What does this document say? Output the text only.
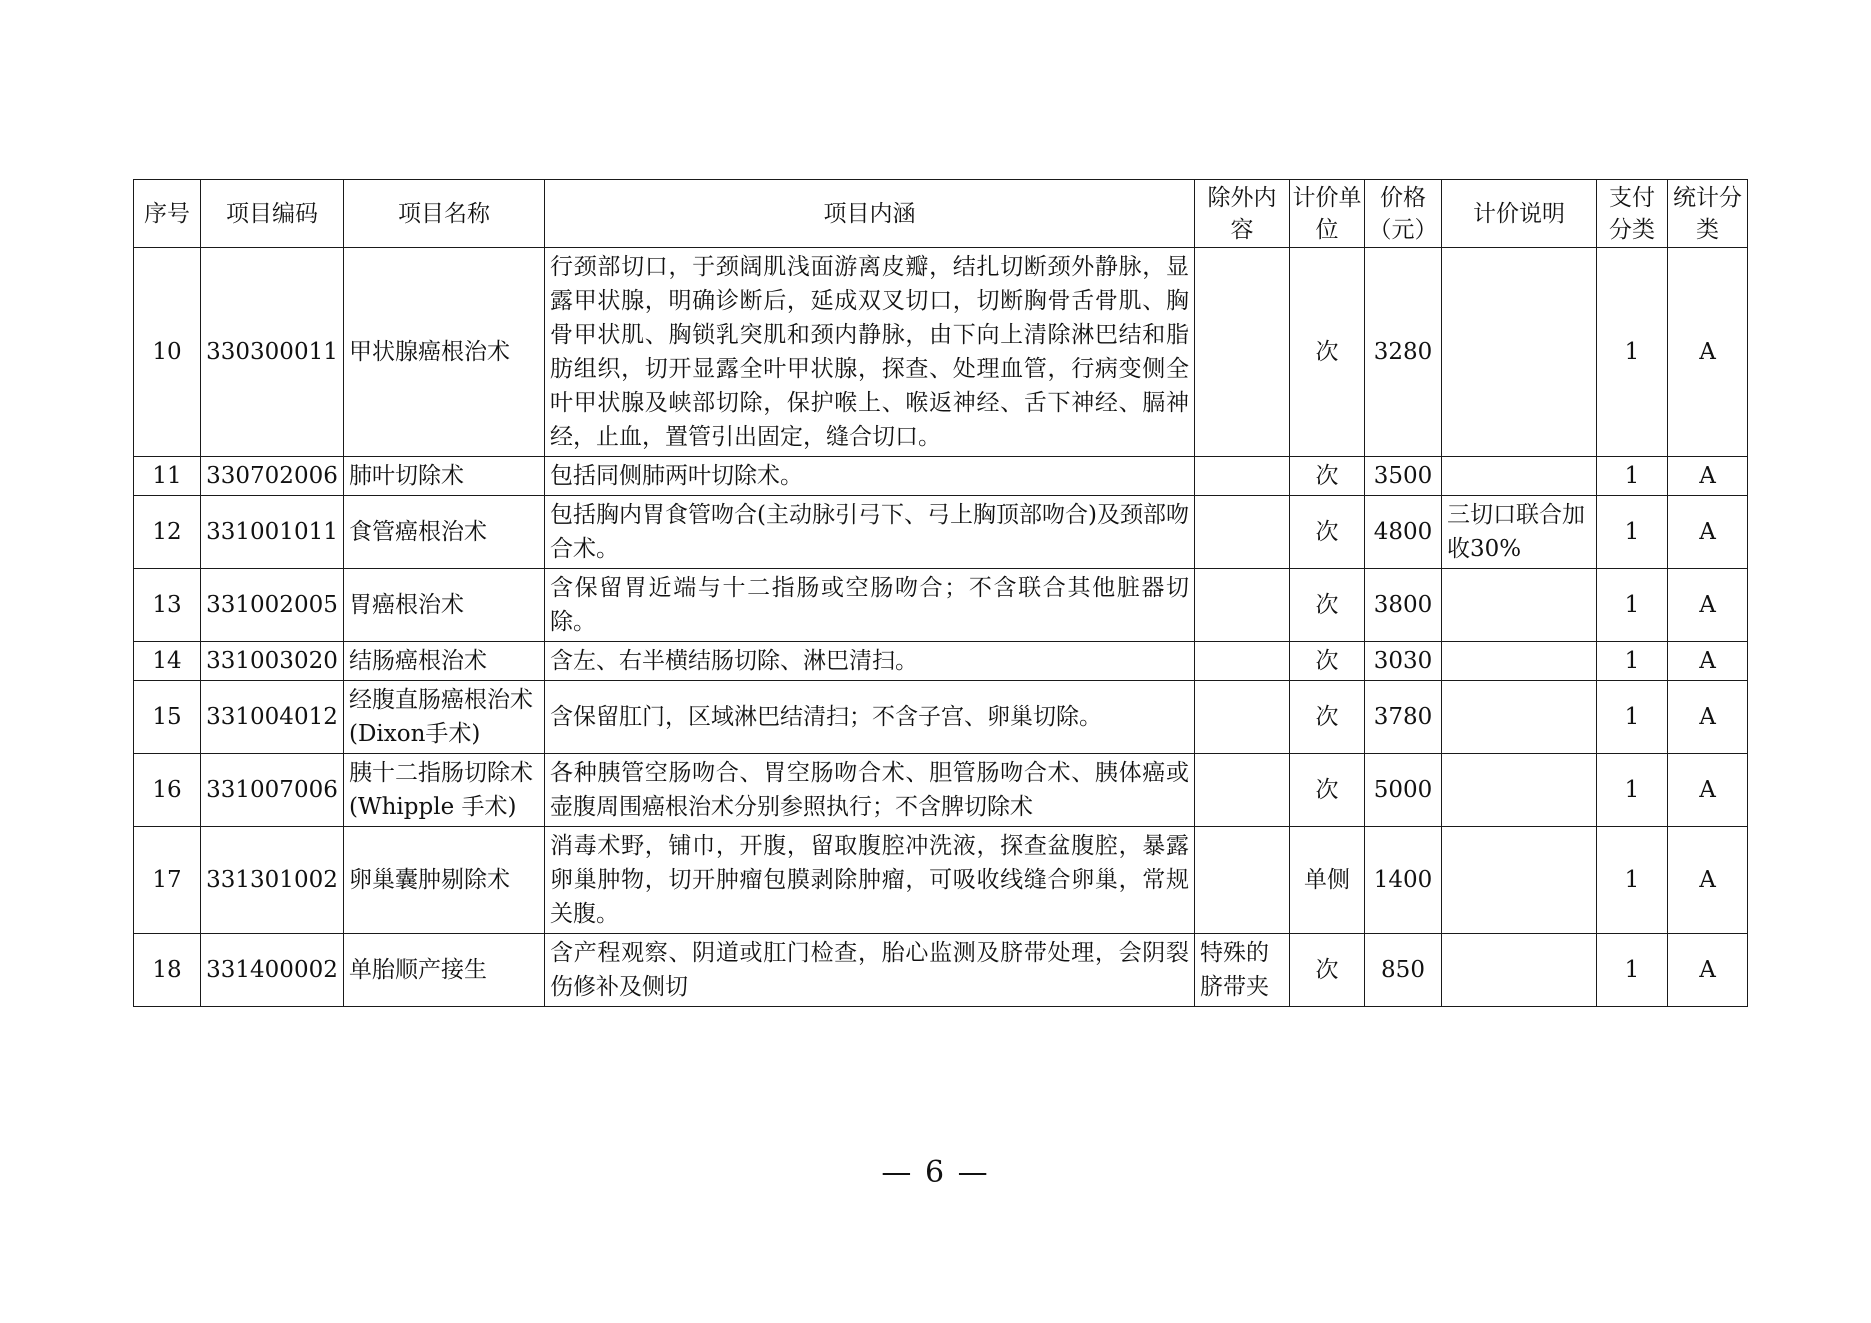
序号	项目编码	项目名称	项目内涵	除外内容	计价单位	价格（元）	计价说明	支付分类	统计分类
10	330300011	甲状腺癌根治术	行颈部切口，于颈阔肌浅面游离皮瓣，结扎切断颈外静脉，显露甲状腺，明确诊断后，延成双叉切口，切断胸骨舌骨肌、胸骨甲状肌、胸锁乳突肌和颈内静脉，由下向上清除淋巴结和脂肪组织，切开显露全叶甲状腺，探查、处理血管，行病变侧全叶甲状腺及峡部切除，保护喉上、喉返神经、舌下神经、膈神经，止血，置管引出固定，缝合切口。		次	3280		1	A
11	330702006	肺叶切除术	包括同侧肺两叶切除术。		次	3500		1	A
12	331001011	食管癌根治术	包括胸内胃食管吻合(主动脉引弓下、弓上胸顶部吻合)及颈部吻合术。		次	4800	三切口联合加收30%	1	A
13	331002005	胃癌根治术	含保留胃近端与十二指肠或空肠吻合；不含联合其他脏器切除。		次	3800		1	A
14	331003020	结肠癌根治术	含左、右半横结肠切除、淋巴清扫。		次	3030		1	A
15	331004012	经腹直肠癌根治术(Dixon手术)	含保留肛门，区域淋巴结清扫；不含子宫、卵巢切除。		次	3780		1	A
16	331007006	胰十二指肠切除术 (Whipple 手术)	各种胰管空肠吻合、胃空肠吻合术、胆管肠吻合术、胰体癌或壶腹周围癌根治术分别参照执行；不含脾切除术		次	5000		1	A
17	331301002	卵巢囊肿剔除术	消毒术野，铺巾，开腹，留取腹腔冲洗液，探查盆腹腔，暴露卵巢肿物，切开肿瘤包膜剥除肿瘤，可吸收线缝合卵巢，常规关腹。		单侧	1400		1	A
18	331400002	单胎顺产接生	含产程观察、阴道或肛门检查，胎心监测及脐带处理，会阴裂伤修补及侧切	特殊的脐带夹	次	850		1	A
— 6 —
